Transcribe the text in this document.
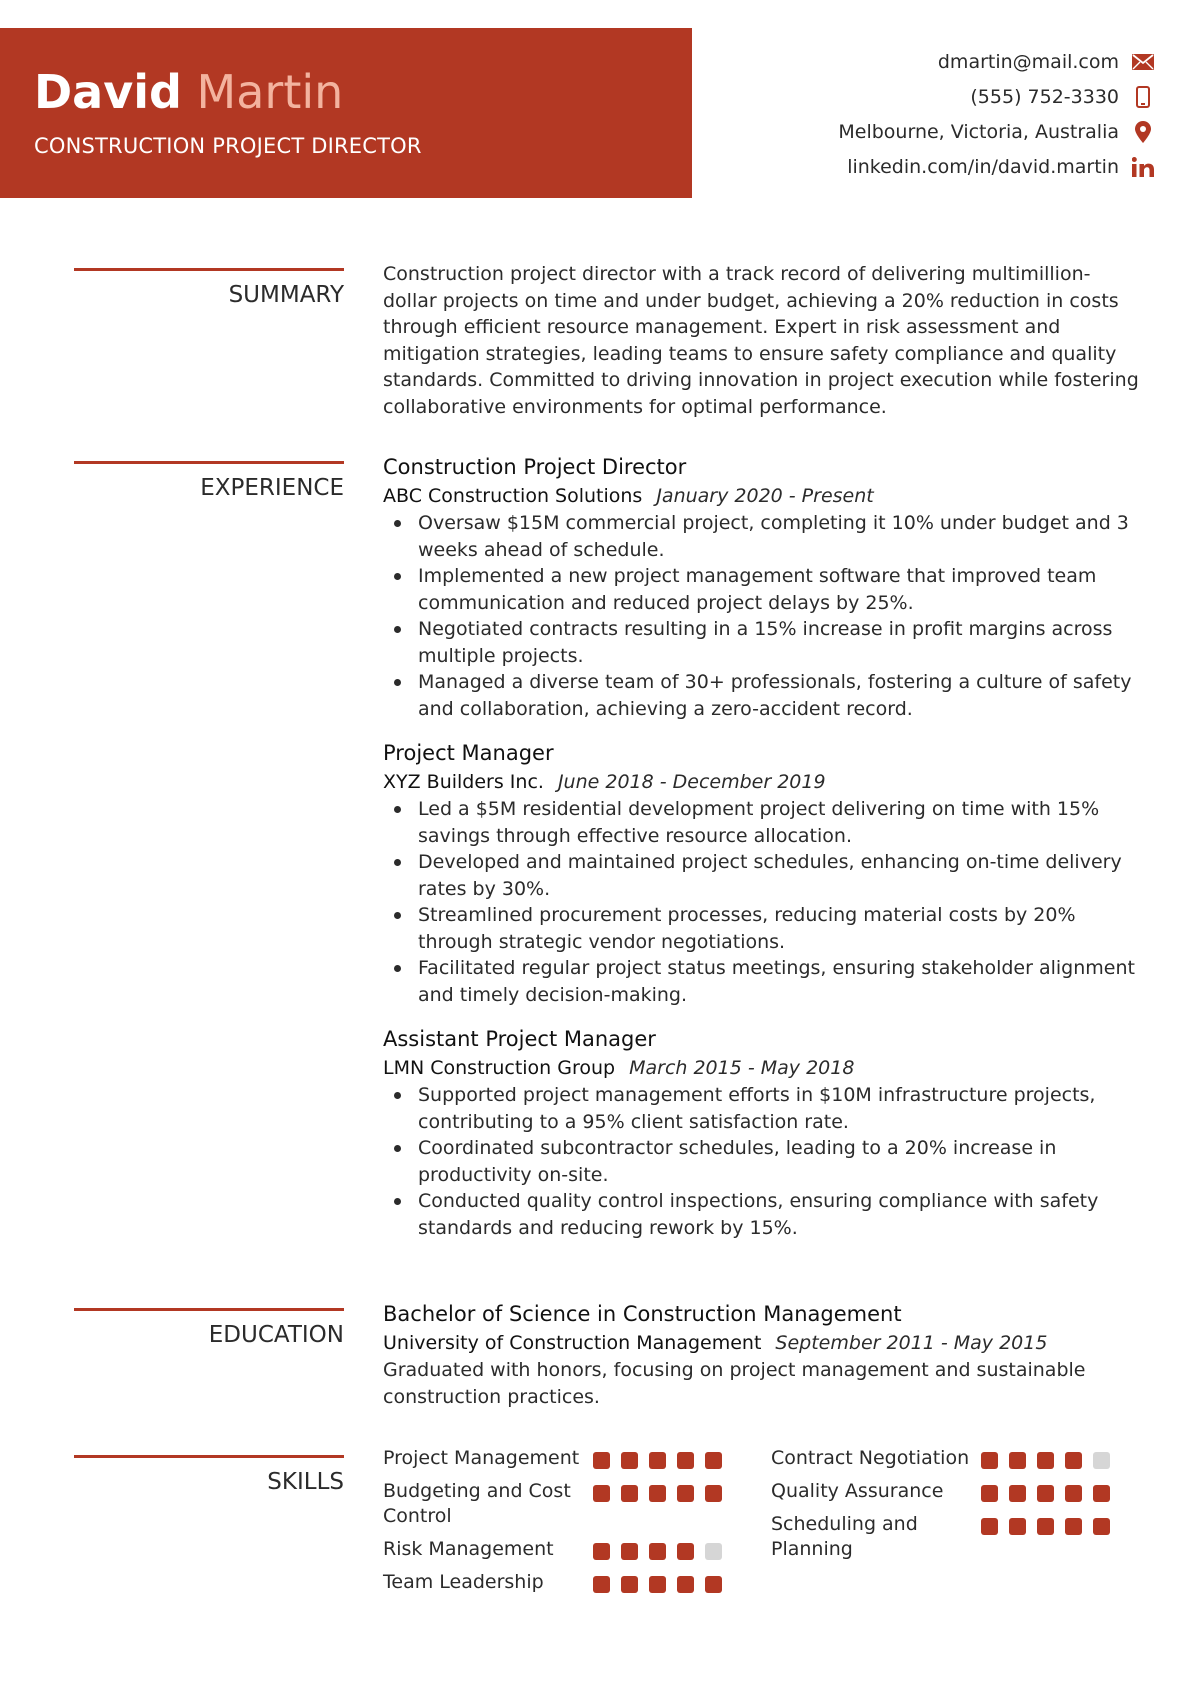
David Martin
CONSTRUCTION PROJECT DIRECTOR
dmartin@mail.com
(555) 752-3330
Melbourne, Victoria, Australia
linkedin.com/in/david.martin
SUMMARY
Construction project director with a track record of delivering multimillion-dollar projects on time and under budget, achieving a 20% reduction in costs through efficient resource management. Expert in risk assessment and mitigation strategies, leading teams to ensure safety compliance and quality standards. Committed to driving innovation in project execution while fostering collaborative environments for optimal performance.
EXPERIENCE
Construction Project Director
ABC Construction Solutions January 2020 - Present
Oversaw $15M commercial project, completing it 10% under budget and 3 weeks ahead of schedule.
Implemented a new project management software that improved team communication and reduced project delays by 25%.
Negotiated contracts resulting in a 15% increase in profit margins across multiple projects.
Managed a diverse team of 30+ professionals, fostering a culture of safety and collaboration, achieving a zero-accident record.
Project Manager
XYZ Builders Inc. June 2018 - December 2019
Led a $5M residential development project delivering on time with 15% savings through effective resource allocation.
Developed and maintained project schedules, enhancing on-time delivery rates by 30%.
Streamlined procurement processes, reducing material costs by 20% through strategic vendor negotiations.
Facilitated regular project status meetings, ensuring stakeholder alignment and timely decision-making.
Assistant Project Manager
LMN Construction Group March 2015 - May 2018
Supported project management efforts in $10M infrastructure projects, contributing to a 95% client satisfaction rate.
Coordinated subcontractor schedules, leading to a 20% increase in productivity on-site.
Conducted quality control inspections, ensuring compliance with safety standards and reducing rework by 15%.
EDUCATION
Bachelor of Science in Construction Management
University of Construction Management September 2011 - May 2015
Graduated with honors, focusing on project management and sustainable construction practices.
SKILLS
Project Management
Budgeting and Cost Control
Risk Management
Team Leadership
Contract Negotiation
Quality Assurance
Scheduling and Planning
